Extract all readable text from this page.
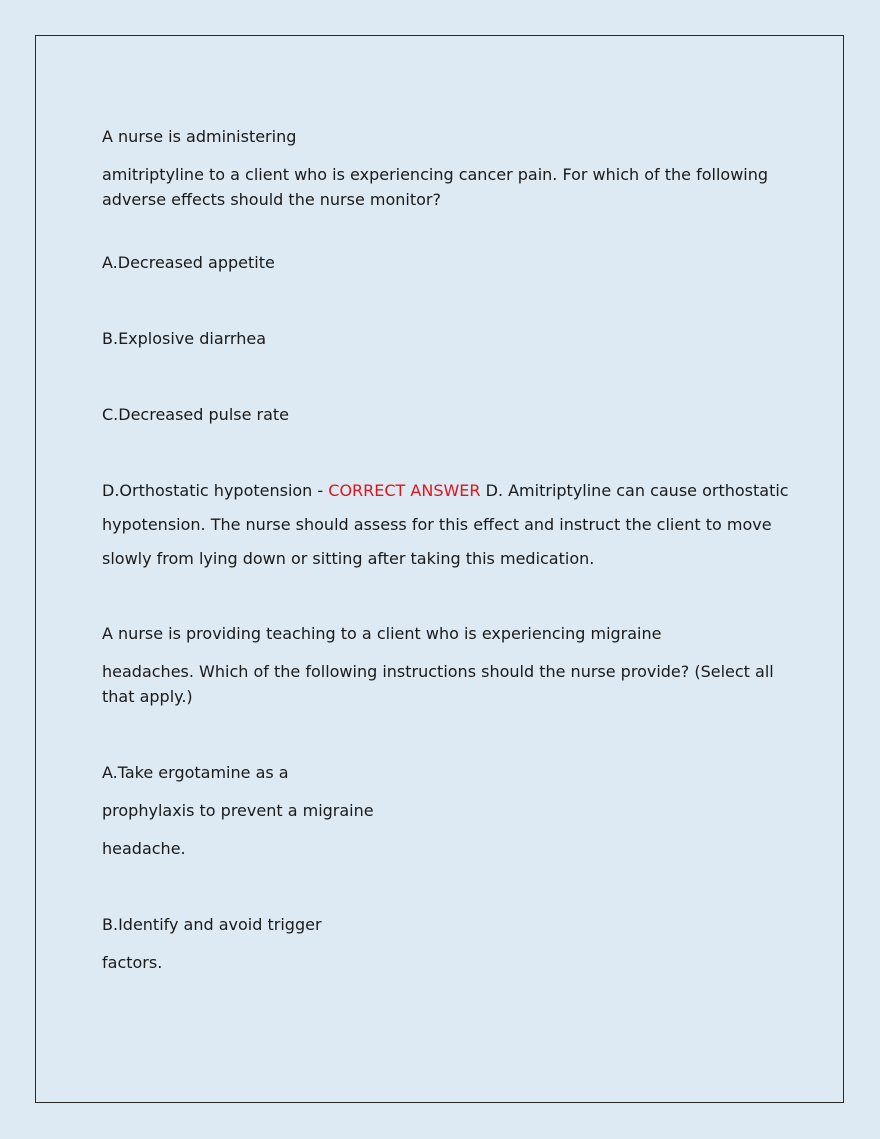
A nurse is administering
amitriptyline to a client who is experiencing cancer pain. For which of the following adverse effects should the nurse monitor?
A.Decreased appetite
B.Explosive diarrhea
C.Decreased pulse rate
D.Orthostatic hypotension - CORRECT ANSWER D. Amitriptyline can cause orthostatic
hypotension. The nurse should assess for this effect and instruct the client to move
slowly from lying down or sitting after taking this medication.
A nurse is providing teaching to a client who is experiencing migraine
headaches. Which of the following instructions should the nurse provide? (Select all that apply.)
A.Take ergotamine as a
prophylaxis to prevent a migraine
headache.
B.Identify and avoid trigger
factors.
